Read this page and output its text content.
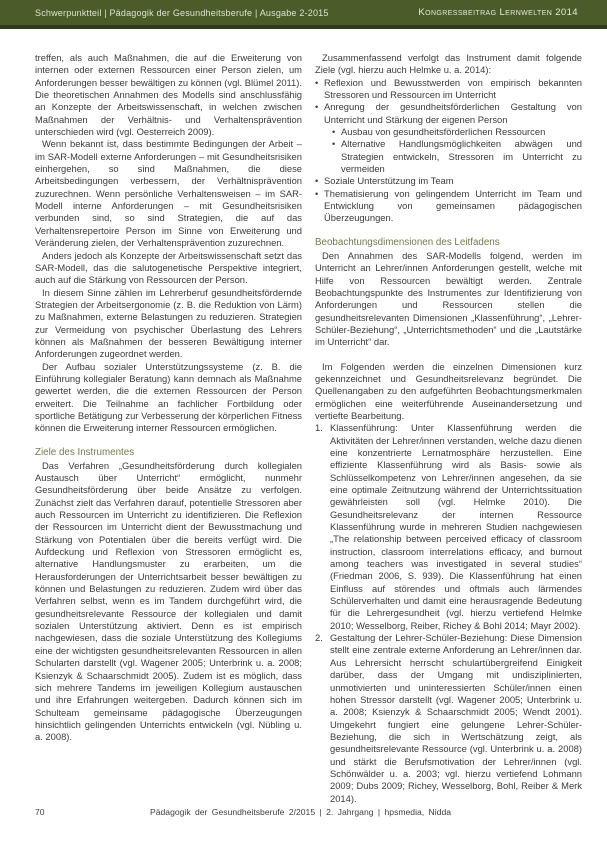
Schwerpunktteil | Pädagogik der Gesundheitsberufe | Ausgabe 2-2015	Kongressbeitrag Lernwelten 2014

treffen, als auch Maßnahmen, die auf die Erweiterung von internen oder externen Ressourcen einer Person zielen, um Anforderungen besser bewältigen zu können (vgl. Blümel 2011). Die theoretischen Annahmen des Modells sind anschlussfähig an Konzepte der Arbeitswissenschaft, in welchen zwischen Maßnahmen der Verhältnis- und Verhaltensprävention unterschieden wird (vgl. Oesterreich 2009).

Wenn bekannt ist, dass bestimmte Bedingungen der Arbeit – im SAR-Modell externe Anforderungen – mit Gesundheitsrisiken einhergehen, so sind Maßnahmen, die diese Arbeitsbedingungen verbessern, der Verhältnisprävention zuzurechnen. Wenn persönliche Verhaltensweisen – im SAR-Modell interne Anforderungen – mit Gesundheitsrisiken verbunden sind, so sind Strategien, die auf das Verhaltensrepertoire Person im Sinne von Erweiterung und Veränderung zielen, der Verhaltensprävention zuzurechnen.

Anders jedoch als Konzepte der Arbeitswissenschaft setzt das SAR-Modell, das die salutogenetische Perspektive integriert, auch auf die Stärkung von Ressourcen der Person.

In diesem Sinne zählen im Lehrerberuf gesundheitsfördernde Strategien der Arbeitsergonomie (z. B. die Reduktion von Lärm) zu Maßnahmen, externe Belastungen zu reduzieren. Strategien zur Vermeidung von psychischer Überlastung des Lehrers können als Maßnahmen der besseren Bewältigung interner Anforderungen zugeordnet werden.

Der Aufbau sozialer Unterstützungssysteme (z. B. die Einführung kollegialer Beratung) kann demnach als Maßnahme gewertet werden, die die externen Ressourcen der Person erweitert. Die Teilnahme an fachlicher Fortbildung oder sportliche Betätigung zur Verbesserung der körperlichen Fitness können die Erweiterung interner Ressourcen ermöglichen.

Ziele des Instrumentes

Das Verfahren „Gesundheitsförderung durch kollegialen Austausch über Unterricht“ ermöglicht, nunmehr Gesundheitsförderung über beide Ansätze zu verfolgen. Zunächst zielt das Verfahren darauf, potentielle Stressoren aber auch Ressourcen im Unterricht zu identifizieren. Die Reflexion der Ressourcen im Unterricht dient der Bewusstmachung und Stärkung von Potentialen über die bereits verfügt wird. Die Aufdeckung und Reflexion von Stressoren ermöglicht es, alternative Handlungsmuster zu erarbeiten, um die Herausforderungen der Unterrichtsarbeit besser bewältigen zu können und Belastungen zu reduzieren. Zudem wird über das Verfahren selbst, wenn es im Tandem durchgeführt wird, die gesundheitsrelevante Ressource der kollegialen und damit sozialen Unterstützung aktiviert. Denn es ist empirisch nachgewiesen, dass die soziale Unterstützung des Kollegiums eine der wichtigsten gesundheitsrelevanten Ressourcen in allen Schularten darstellt (vgl. Wagener 2005; Unterbrink u. a. 2008; Ksienzyk & Schaarschmidt 2005). Zudem ist es möglich, dass sich mehrere Tandems im jeweiligen Kollegium austauschen und ihre Erfahrungen weitergeben. Dadurch können sich im Schulteam gemeinsame pädagogische Überzeugungen hinsichtlich gelingenden Unterrichts entwickeln (vgl. Nübling u. a. 2008).

Zusammenfassend verfolgt das Instrument damit folgende Ziele (vgl. hierzu auch Helmke u. a. 2014):

• Reflexion und Bewusstwerden von empirisch bekannten Stressoren und Ressourcen im Unterricht
• Anregung der gesundheitsförderlichen Gestaltung von Unterricht und Stärkung der eigenen Person
• Ausbau von gesundheitsförderlichen Ressourcen
• Alternative Handlungsmöglichkeiten abwägen und Strategien entwickeln, Stressoren im Unterricht zu vermeiden
• Soziale Unterstützung im Team
• Thematisierung von gelingendem Unterricht im Team und Entwicklung von gemeinsamen pädagogischen Überzeugungen.
Beobachtungsdimensionen des Leitfadens

Den Annahmen des SAR-Modells folgend, werden im Unterricht an Lehrer/innen Anforderungen gestellt, welche mit Hilfe von Ressourcen bewältigt werden. Zentrale Beobachtungspunkte des Instrumentes zur Identifizierung von Anforderungen und Ressourcen stellen die gesundheitsrelevanten Dimensionen „Klassenführung“, „Lehrer-Schüler-Beziehung“, „Unterrichtsmethoden“ und die „Lautstärke im Unterricht“ dar.

Im Folgenden werden die einzelnen Dimensionen kurz gekennzeichnet und Gesundheitsrelevanz begründet. Die Quellenangaben zu den aufgeführten Beobachtungsmerkmalen ermöglichen eine weiterführende Auseinandersetzung und vertiefte Bearbeitung.

1. Klassenführung: Unter Klassenführung werden die Aktivitäten der Lehrer/innen verstanden, welche dazu dienen eine konzentrierte Lernatmosphäre herzustellen. Eine effiziente Klassenführung wird als Basis- sowie als Schlüsselkompetenz von Lehrer/innen angesehen, da sie eine optimale Zeitnutzung während der Unterrichtssituation gewährleisten soll (vgl. Helmke 2010). Die Gesundheitsrelevanz der internen Ressource Klassenführung wurde in mehreren Studien nachgewiesen „The relationship between perceived efficacy of classroom instruction, classroom interrelations efficacy, and burnout among teachers was investigated in several studies“ (Friedman 2006, S. 939). Die Klassenführung hat einen Einfluss auf störendes und oftmals auch lärmendes Schülerverhalten und damit eine herausragende Bedeutung für die Lehrergesundheit (vgl. hierzu vertiefend Helmke 2010; Wesselborg, Reiber, Richey & Bohl 2014; Mayr 2002).
2. Gestaltung der Lehrer-Schüler-Beziehung: Diese Dimension stellt eine zentrale externe Anforderung an Lehrer/innen dar. Aus Lehrersicht herrscht schulartübergreifend Einigkeit darüber, dass der Umgang mit undisziplinierten, unmotivierten und uninteressierten Schüler/innen einen hohen Stressor darstellt (vgl. Wagener 2005; Unterbrink u. a. 2008; Ksienzyk & Schaarschmidt 2005; Wendt 2001). Umgekehrt fungiert eine gelungene Lehrer-Schüler-Beziehung, die sich in Wertschätzung zeigt, als gesundheitsrelevante Ressource (vgl. Unterbrink u. a. 2008) und stärkt die Berufsmotivation der Lehrer/innen (vgl. Schönwälder u. a. 2003; vgl. hierzu vertiefend Lohmann 2009; Dubs 2009; Richey, Wesselborg, Bohl, Reiber & Merk 2014).
70	Pädagogik der Gesundheitsberufe 2/2015 | 2. Jahrgang | hpsmedia, Nidda
